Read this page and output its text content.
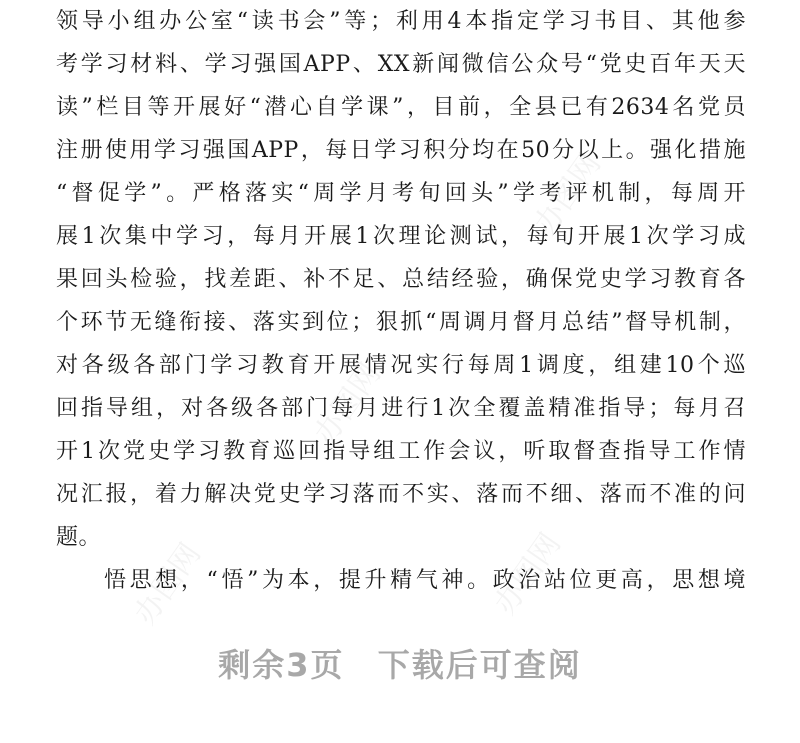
办图网
办图网
办图网	办图网
领导小组办公室“读书会”等；利用4本指定学习书目、其他参
考学习材料、学习强国APP、XX新闻微信公众号“党史百年天天
读”栏目等开展好“潜心自学课”，目前，全县已有2634名党员
注册使用学习强国APP，每日学习积分均在50分以上。强化措施
“督促学”。严格落实“周学月考旬回头”学考评机制，每周开
展1次集中学习，每月开展1次理论测试，每旬开展1次学习成
果回头检验，找差距、补不足、总结经验，确保党史学习教育各
个环节无缝衔接、落实到位；狠抓“周调月督月总结”督导机制，
对各级各部门学习教育开展情况实行每周1调度，组建10个巡
回指导组，对各级各部门每月进行1次全覆盖精准指导；每月召
开1次党史学习教育巡回指导组工作会议，听取督查指导工作情
况汇报，着力解决党史学习落而不实、落而不细、落而不准的问
题。
悟思想，“悟”为本，提升精气神。政治站位更高，思想境
剩余3页 下载后可查阅
